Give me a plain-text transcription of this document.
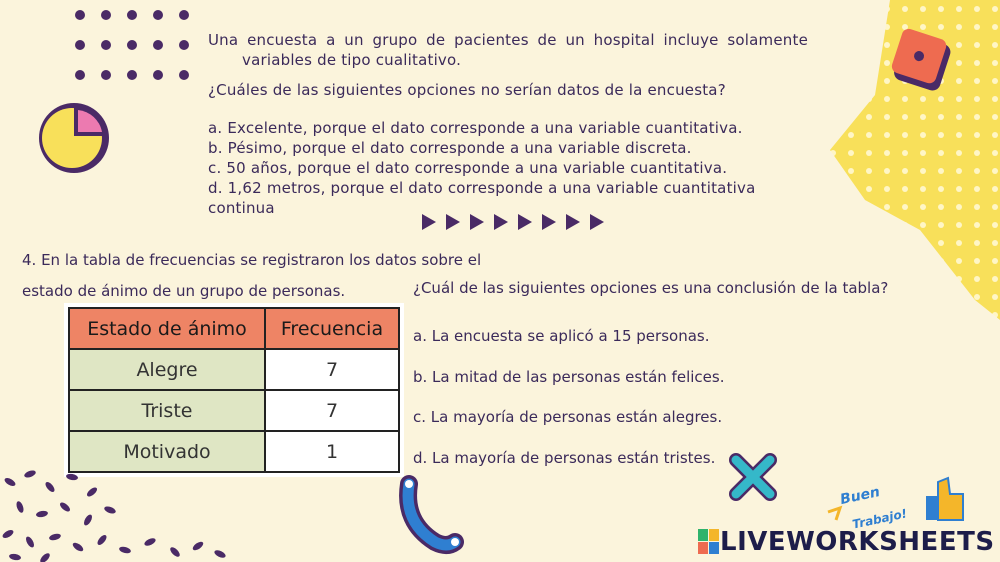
Una encuesta a un grupo de pacientes de un hospital incluye solamente
variables de tipo cualitativo.
¿Cuáles de las siguientes opciones no serían datos de la encuesta?
a. Excelente, porque el dato corresponde a una variable cuantitativa.
b. Pésimo, porque el dato corresponde a una variable discreta.
c. 50 años, porque el dato corresponde a una variable cuantitativa.
d. 1,62 metros, porque el dato corresponde a una variable cuantitativa continua
4. En la tabla de frecuencias se registraron los datos sobre el
estado de ánimo de un grupo de personas.	¿Cuál de las siguientes opciones es una conclusión de la tabla?
Estado de ánimo	Frecuencia
Alegre	7
Triste	7
Motivado	1
a. La encuesta se aplicó a 15 personas.
b. La mitad de las personas están felices.
c. La mayoría de personas están alegres.
d. La mayoría de personas están tristes.
Buen
Trabajo!
LIVEWORKSHEETS
